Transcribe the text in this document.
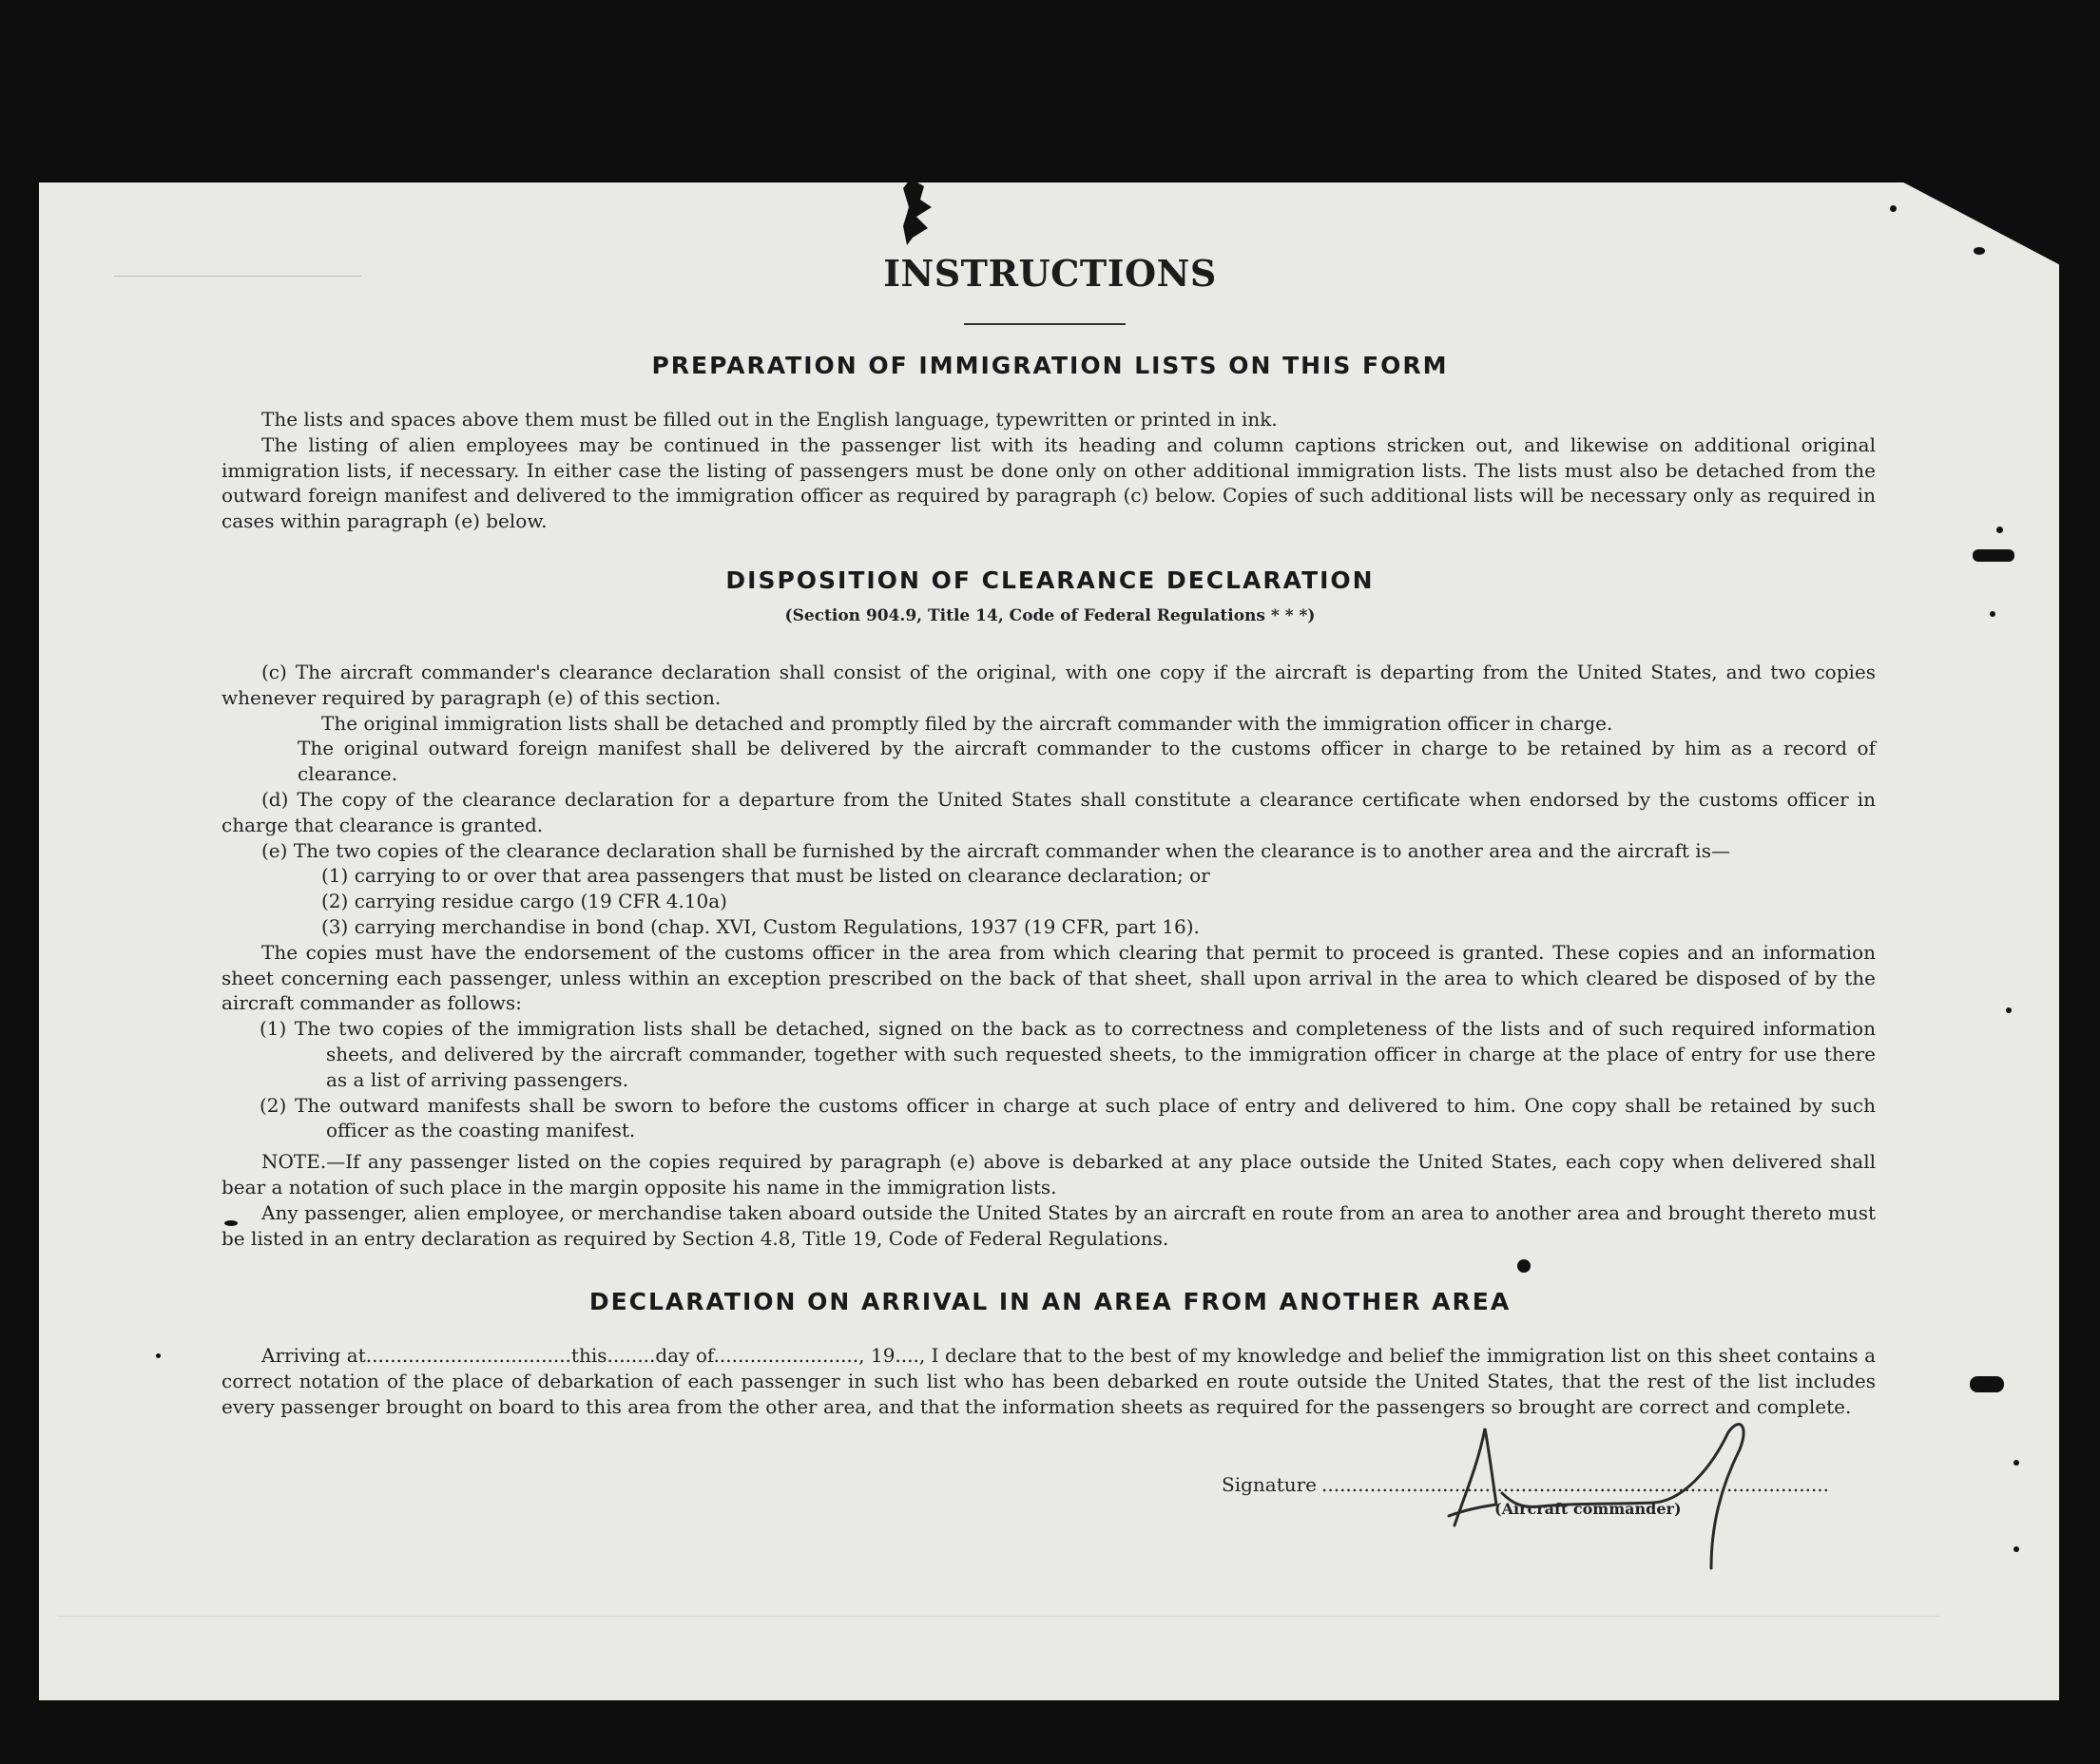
INSTRUCTIONS
PREPARATION OF IMMIGRATION LISTS ON THIS FORM

The lists and spaces above them must be filled out in the English language, typewritten or printed in ink.

The listing of alien employees may be continued in the passenger list with its heading and column captions stricken out, and likewise on additional original immigration lists, if necessary. In either case the listing of passengers must be done only on other additional immigration lists. The lists must also be detached from the outward foreign manifest and delivered to the immigration officer as required by paragraph (c) below. Copies of such additional lists will be necessary only as required in cases within paragraph (e) below.

DISPOSITION OF CLEARANCE DECLARATION
(Section 904.9, Title 14, Code of Federal Regulations * * *)

(c) The aircraft commander's clearance declaration shall consist of the original, with one copy if the aircraft is departing from the United States, and two copies whenever required by paragraph (e) of this section.

The original immigration lists shall be detached and promptly filed by the aircraft commander with the immigration officer in charge.

The original outward foreign manifest shall be delivered by the aircraft commander to the customs officer in charge to be retained by him as a record of clearance.

(d) The copy of the clearance declaration for a departure from the United States shall constitute a clearance certificate when endorsed by the customs officer in charge that clearance is granted.

(e) The two copies of the clearance declaration shall be furnished by the aircraft commander when the clearance is to another area and the aircraft is—

(1) carrying to or over that area passengers that must be listed on clearance declaration; or

(2) carrying residue cargo (19 CFR 4.10a)

(3) carrying merchandise in bond (chap. XVI, Custom Regulations, 1937 (19 CFR, part 16).

The copies must have the endorsement of the customs officer in the area from which clearing that permit to proceed is granted. These copies and an information sheet concerning each passenger, unless within an exception prescribed on the back of that sheet, shall upon arrival in the area to which cleared be disposed of by the aircraft commander as follows:

(1) The two copies of the immigration lists shall be detached, signed on the back as to correctness and completeness of the lists and of such required information sheets, and delivered by the aircraft commander, together with such requested sheets, to the immigration officer in charge at the place of entry for use there as a list of arriving passengers.

(2) The outward manifests shall be sworn to before the customs officer in charge at such place of entry and delivered to him. One copy shall be retained by such officer as the coasting manifest.

NOTE.—If any passenger listed on the copies required by paragraph (e) above is debarked at any place outside the United States, each copy when delivered shall bear a notation of such place in the margin opposite his name in the immigration lists.

Any passenger, alien employee, or merchandise taken aboard outside the United States by an aircraft en route from an area to another area and brought thereto must be listed in an entry declaration as required by Section 4.8, Title 19, Code of Federal Regulations.

DECLARATION ON ARRIVAL IN AN AREA FROM ANOTHER AREA

Arriving at..................................this........day of........................, 19...., I declare that to the best of my knowledge and belief the immigration list on this sheet contains a correct notation of the place of debarkation of each passenger in such list who has been debarked en route outside the United States, that the rest of the list includes every passenger brought on board to this area from the other area, and that the information sheets as required for the passengers so brought are correct and complete.

Signature ....................................................................................
(Aircraft commander)
